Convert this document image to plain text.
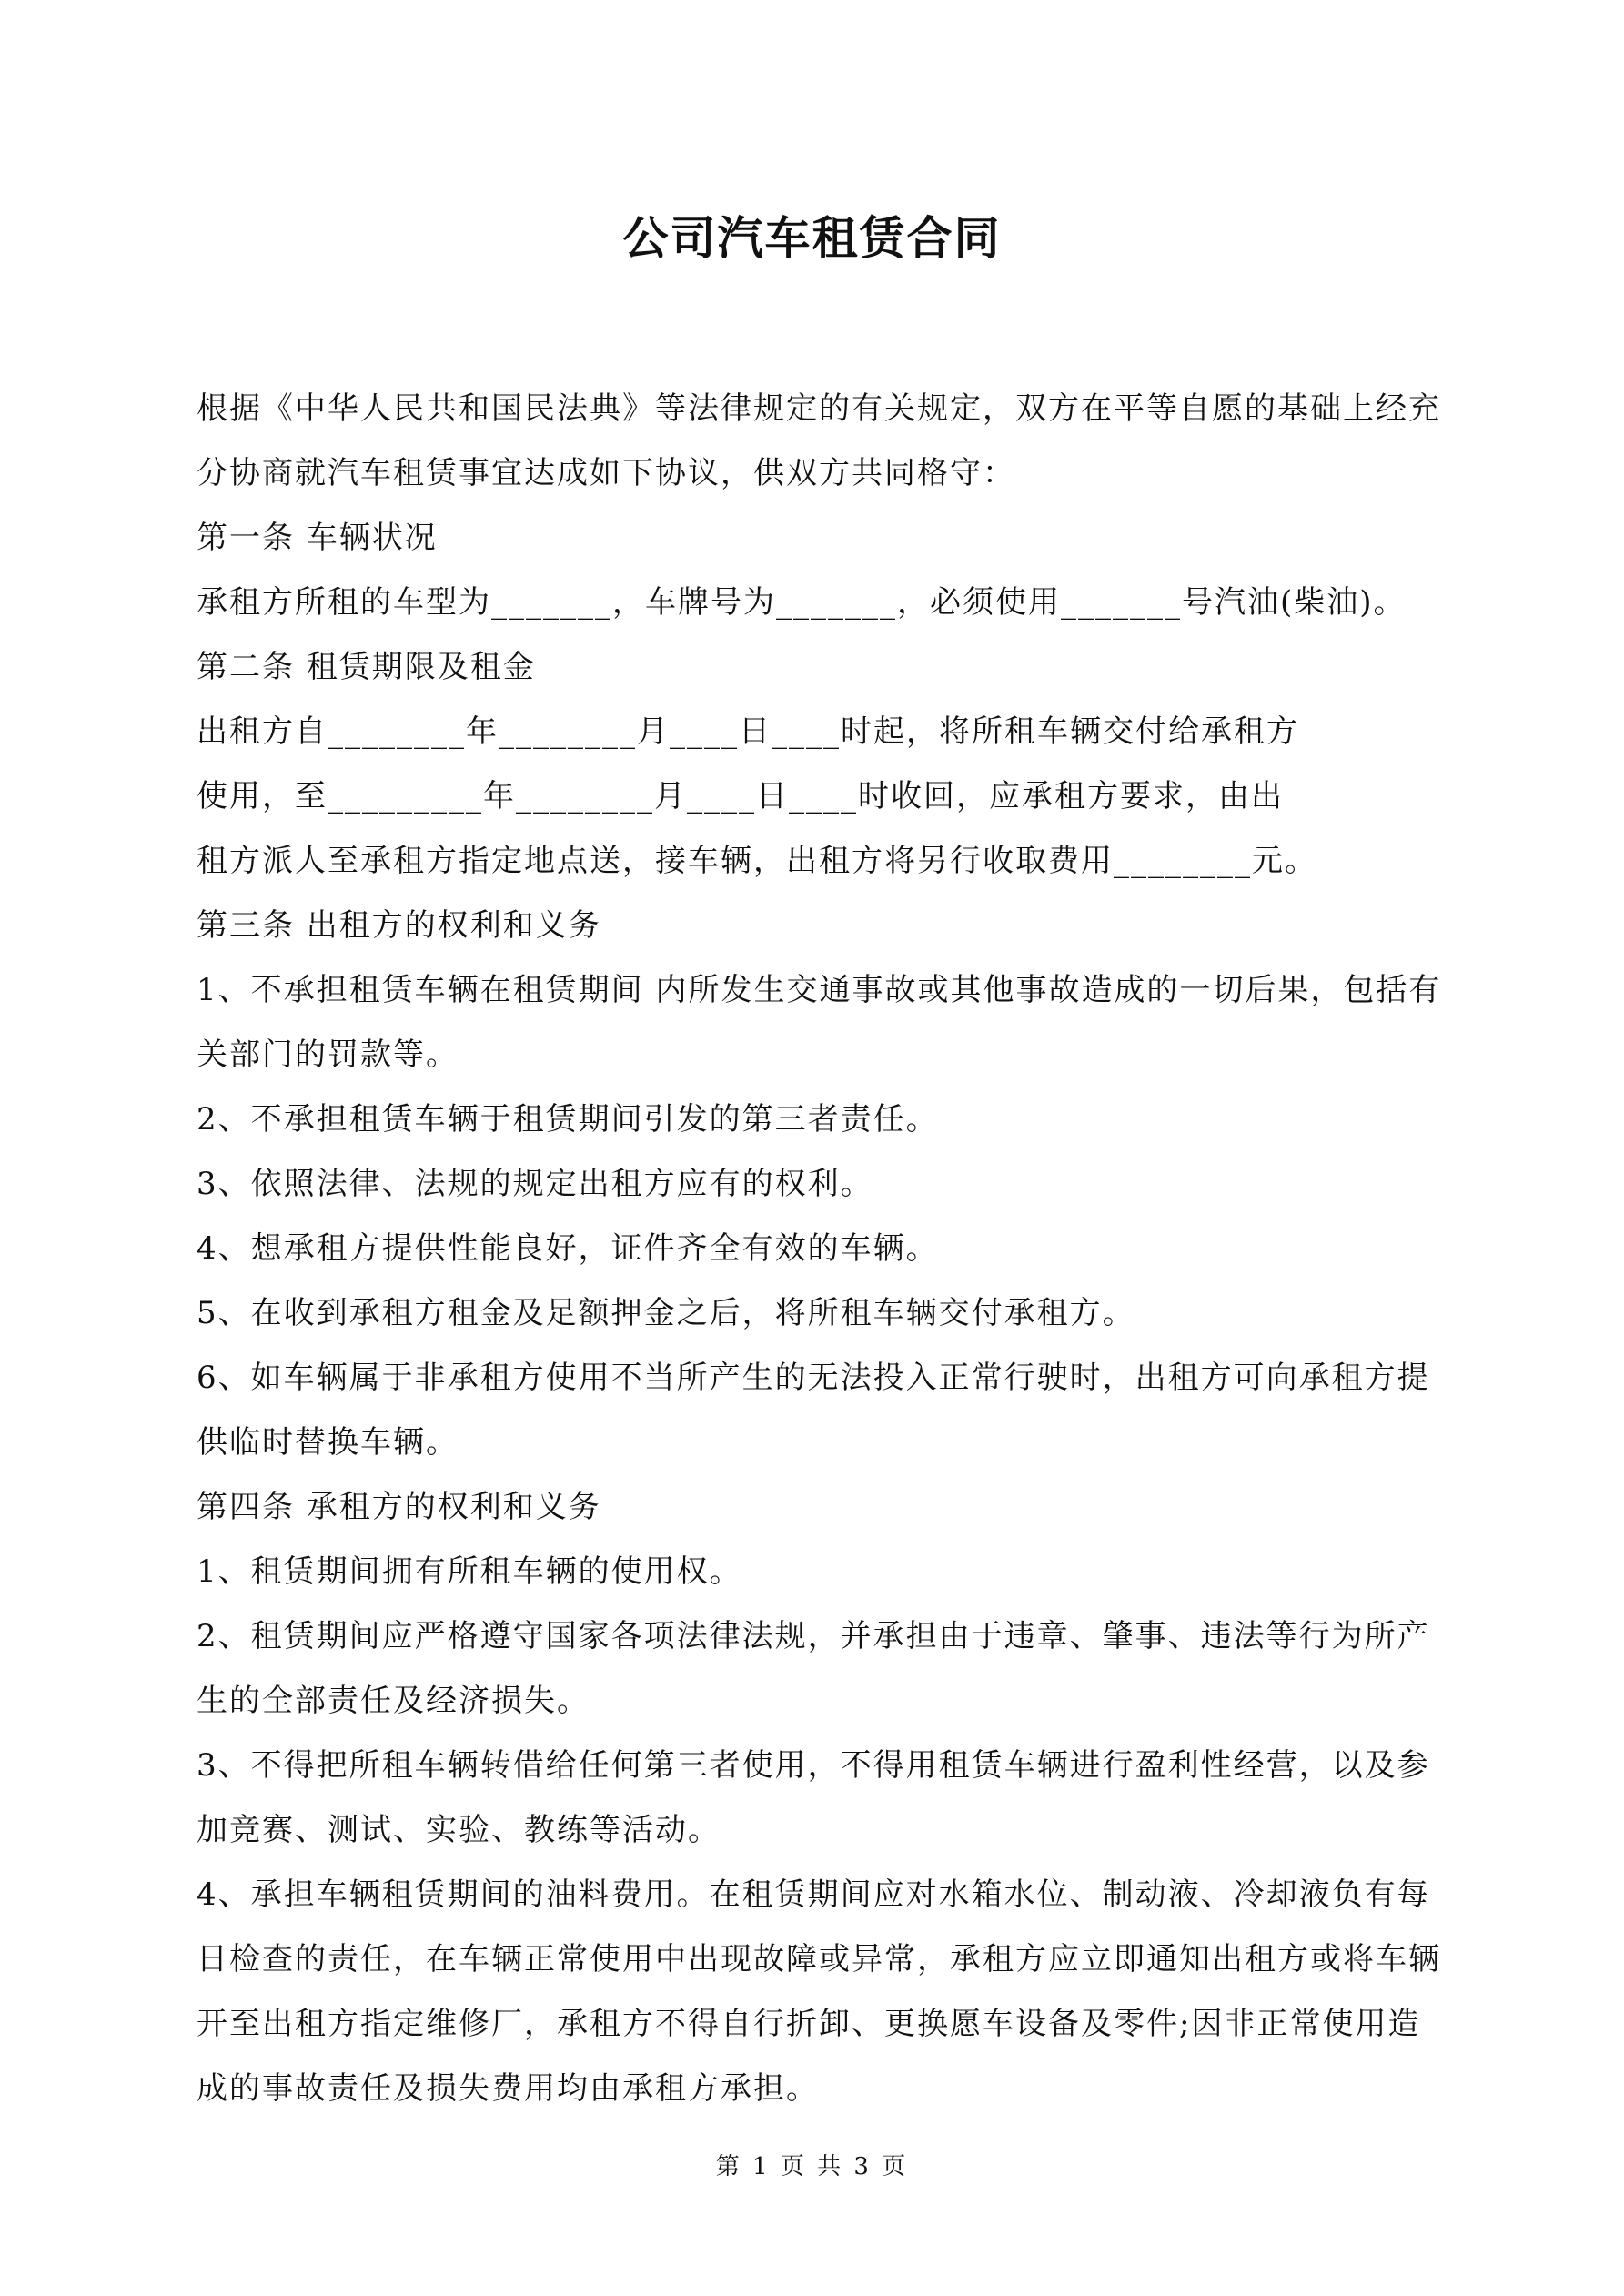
公司汽车租赁合同
根据《中华人民共和国民法典》等法律规定的有关规定，双方在平等自愿的基础上经充
分协商就汽车租赁事宜达成如下协议，供双方共同格守：
第一条 车辆状况
承租方所租的车型为_______，车牌号为_______，必须使用_______号汽油(柴油)。
第二条 租赁期限及租金
出租方自________年________月____日____时起，将所租车辆交付给承租方
使用，至_________年________月____日____时收回，应承租方要求，由出
租方派人至承租方指定地点送，接车辆，出租方将另行收取费用________元。
第三条 出租方的权利和义务
1、不承担租赁车辆在租赁期间 内所发生交通事故或其他事故造成的一切后果，包括有
关部门的罚款等。
2、不承担租赁车辆于租赁期间引发的第三者责任。
3、依照法律、法规的规定出租方应有的权利。
4、想承租方提供性能良好，证件齐全有效的车辆。
5、在收到承租方租金及足额押金之后，将所租车辆交付承租方。
6、如车辆属于非承租方使用不当所产生的无法投入正常行驶时，出租方可向承租方提
供临时替换车辆。
第四条 承租方的权利和义务
1、租赁期间拥有所租车辆的使用权。
2、租赁期间应严格遵守国家各项法律法规，并承担由于违章、肇事、违法等行为所产
生的全部责任及经济损失。
3、不得把所租车辆转借给任何第三者使用，不得用租赁车辆进行盈利性经营，以及参
加竞赛、测试、实验、教练等活动。
4、承担车辆租赁期间的油料费用。在租赁期间应对水箱水位、制动液、冷却液负有每
日检查的责任，在车辆正常使用中出现故障或异常，承租方应立即通知出租方或将车辆
开至出租方指定维修厂，承租方不得自行折卸、更换愿车设备及零件;因非正常使用造
成的事故责任及损失费用均由承租方承担。
第 1 页 共 3 页
